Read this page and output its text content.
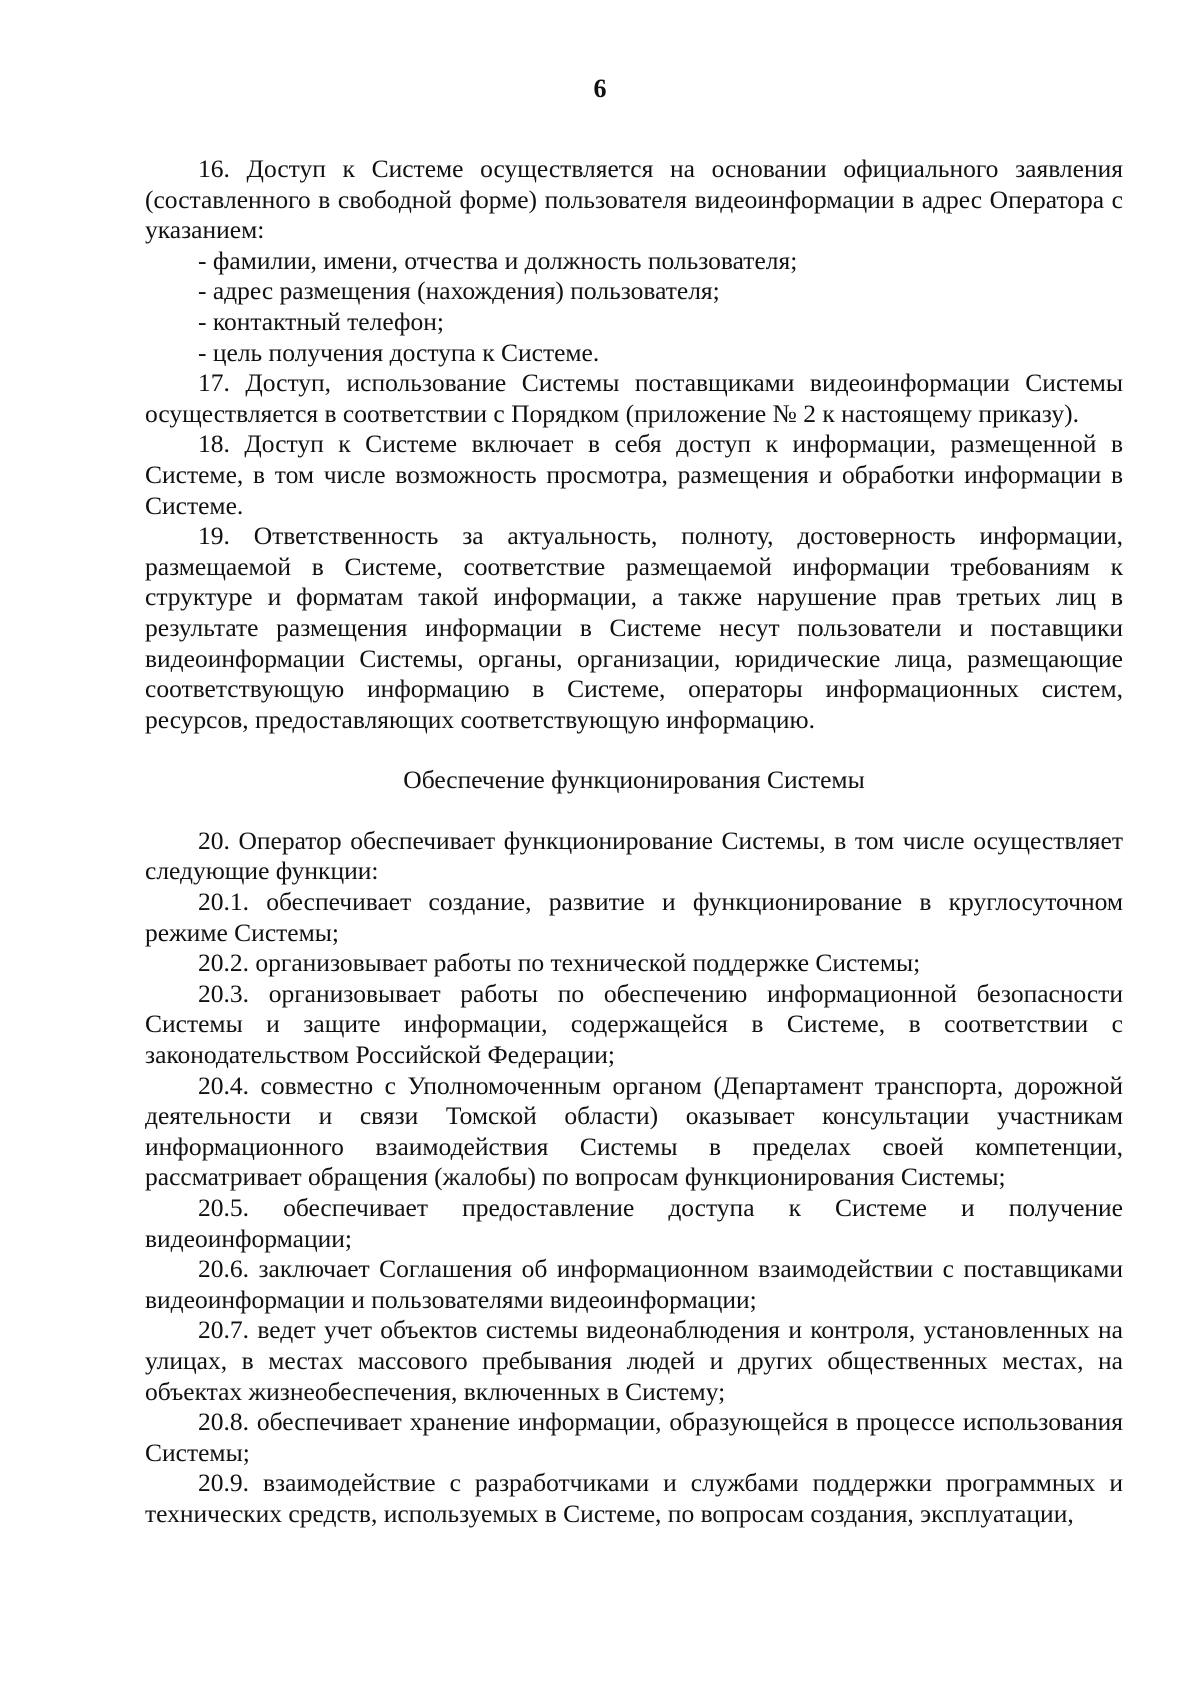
6

16. Доступ к Системе осуществляется на основании официального заявления (составленного в свободной форме) пользователя видеоинформации в адрес Оператора с указанием:

- фамилии, имени, отчества и должность пользователя;

- адрес размещения (нахождения) пользователя;

- контактный телефон;

- цель получения доступа к Системе.

17. Доступ, использование Системы поставщиками видеоинформации Системы осуществляется в соответствии с Порядком (приложение № 2 к настоящему приказу).

18. Доступ к Системе включает в себя доступ к информации, размещенной в Системе, в том числе возможность просмотра, размещения и обработки информации в Системе.

19. Ответственность за актуальность, полноту, достоверность информации, размещаемой в Системе, соответствие размещаемой информации требованиям к структуре и форматам такой информации, а также нарушение прав третьих лиц в результате размещения информации в Системе несут пользователи и поставщики видеоинформации Системы, органы, организации, юридические лица, размещающие соответствующую информацию в Системе, операторы информационных систем, ресурсов, предоставляющих соответствующую информацию.

Обеспечение функционирования Системы

20. Оператор обеспечивает функционирование Системы, в том числе осуществляет следующие функции:

20.1. обеспечивает создание, развитие и функционирование в круглосуточном режиме Системы;

20.2. организовывает работы по технической поддержке Системы;

20.3. организовывает работы по обеспечению информационной безопасности Системы и защите информации, содержащейся в Системе, в соответствии с законодательством Российской Федерации;

20.4. совместно с Уполномоченным органом (Департамент транспорта, дорожной деятельности и связи Томской области) оказывает консультации участникам информационного взаимодействия Системы в пределах своей компетенции, рассматривает обращения (жалобы) по вопросам функционирования Системы;

20.5. обеспечивает предоставление доступа к Системе и получение видеоинформации;

20.6. заключает Соглашения об информационном взаимодействии с поставщиками видеоинформации и пользователями видеоинформации;

20.7. ведет учет объектов системы видеонаблюдения и контроля, установленных на улицах, в местах массового пребывания людей и других общественных местах, на объектах жизнеобеспечения, включенных в Систему;

20.8. обеспечивает хранение информации, образующейся в процессе использования Системы;

20.9. взаимодействие с разработчиками и службами поддержки программных и технических средств, используемых в Системе, по вопросам создания, эксплуатации,
